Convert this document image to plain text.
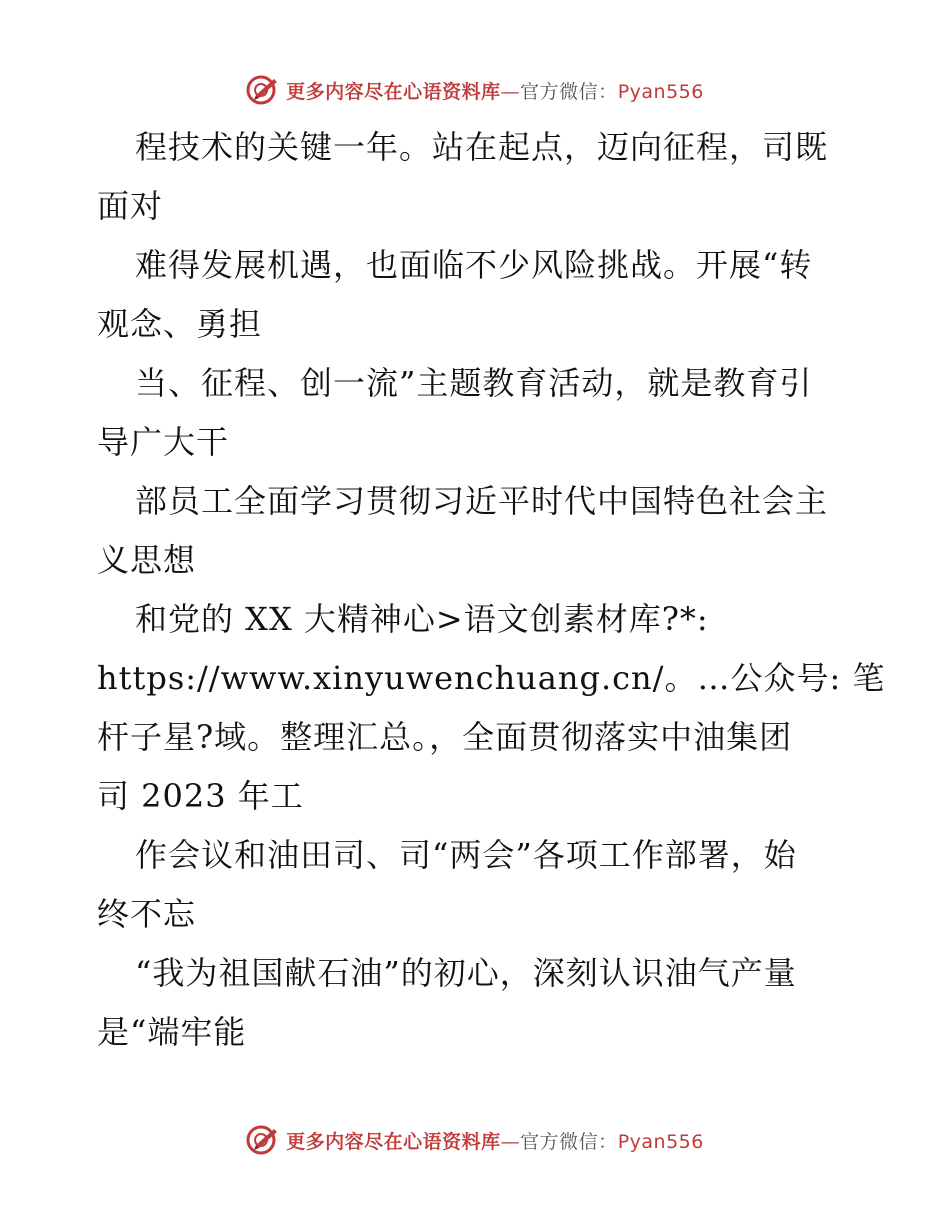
更多内容尽在心语资料库—官方微信：Pyan556
程技术的关键一年。站在起点，迈向征程，司既
面对
难得发展机遇，也面临不少风险挑战。开展“转
观念、勇担
当、征程、创一流”主题教育活动，就是教育引
导广大干
部员工全面学习贯彻习近平时代中国特色社会主
义思想
和党的 XX 大精神心>语文创素材库?*:
https://www.xinyuwenchuang.cn/。…公众号: 笔
杆子星?域。整理汇总。，全面贯彻落实中油集团
司 2023 年工
作会议和油田司、司“两会”各项工作部署，始
终不忘
“我为祖国献石油”的初心，深刻认识油气产量
是“端牢能
更多内容尽在心语资料库—官方微信：Pyan556
